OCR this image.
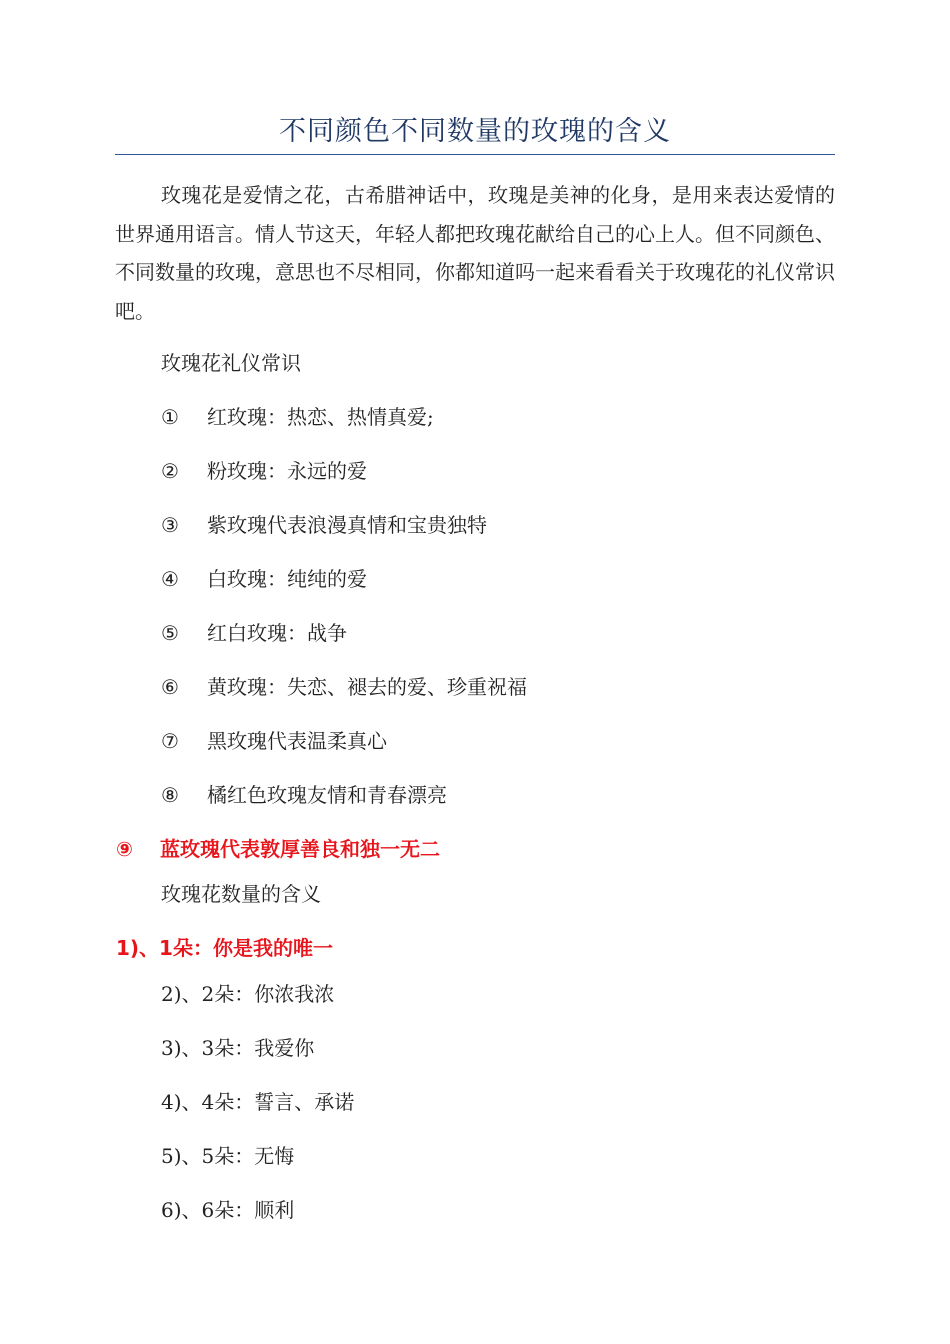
不同颜色不同数量的玫瑰的含义

玫瑰花是爱情之花，古希腊神话中，玫瑰是美神的化身，是用来表达爱情的世界通用语言。情人节这天，年轻人都把玫瑰花献给自己的心上人。但不同颜色、不同数量的玫瑰，意思也不尽相同，你都知道吗一起来看看关于玫瑰花的礼仪常识吧。

玫瑰花礼仪常识

① 红玫瑰：热恋、热情真爱;

② 粉玫瑰：永远的爱

③ 紫玫瑰代表浪漫真情和宝贵独特

④ 白玫瑰：纯纯的爱

⑤ 红白玫瑰：战争

⑥ 黄玫瑰：失恋、褪去的爱、珍重祝福

⑦ 黑玫瑰代表温柔真心

⑧ 橘红色玫瑰友情和青春漂亮

⑨ 蓝玫瑰代表敦厚善良和独一无二

玫瑰花数量的含义

1)、1朵：你是我的唯一

2)、2朵：你浓我浓

3)、3朵：我爱你

4)、4朵：誓言、承诺

5)、5朵：无悔

6)、6朵：顺利
